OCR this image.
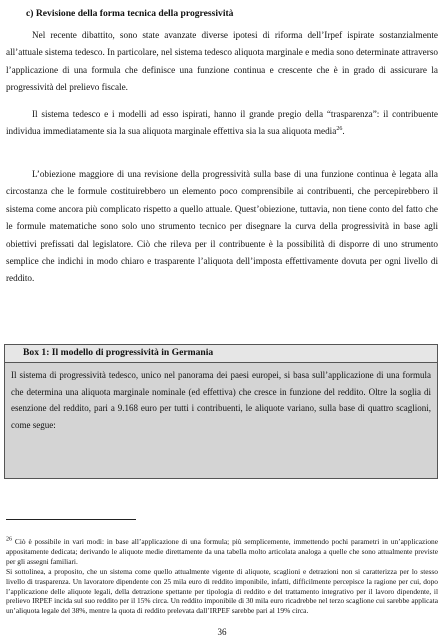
c) Revisione della forma tecnica della progressività

Nel recente dibattito, sono state avanzate diverse ipotesi di riforma dell’Irpef ispirate sostanzialmente all’attuale sistema tedesco. In particolare, nel sistema tedesco aliquota marginale e media sono determinate attraverso l’applicazione di una formula che definisce una funzione continua e crescente che è in grado di assicurare la progressività del prelievo fiscale.

Il sistema tedesco e i modelli ad esso ispirati, hanno il grande pregio della “trasparenza”: il contribuente individua immediatamente sia la sua aliquota marginale effettiva sia la sua aliquota media$^{26}$.

L’obiezione maggiore di una revisione della progressività sulla base di una funzione continua è legata alla circostanza che le formule costituirebbero un elemento poco comprensibile ai contribuenti, che percepirebbero il sistema come ancora più complicato rispetto a quello attuale. Quest’obiezione, tuttavia, non tiene conto del fatto che le formule matematiche sono solo uno strumento tecnico per disegnare la curva della progressività in base agli obiettivi prefissati dal legislatore. Ciò che rileva per il contribuente è la possibilità di disporre di uno strumento semplice che indichi in modo chiaro e trasparente l’aliquota dell’imposta effettivamente dovuta per ogni livello di reddito.

Box 1: Il modello di progressività in Germania

Il sistema di progressività tedesco, unico nel panorama dei paesi europei, si basa sull’applicazione di una formula che determina una aliquota marginale nominale (ed effettiva) che cresce in funzione del reddito. Oltre la soglia di esenzione del reddito, pari a 9.168 euro per tutti i contribuenti, le aliquote variano, sulla base di quattro scaglioni, come segue:

$^{26}$ Ciò è possibile in vari modi: in base all’applicazione di una formula; più semplicemente, immettendo pochi parametri in un’applicazione appositamente dedicata; derivando le aliquote medie direttamente da una tabella molto articolata analoga a quelle che sono attualmente previste per gli assegni familiari.

Si sottolinea, a proposito, che un sistema come quello attualmente vigente di aliquote, scaglioni e detrazioni non si caratterizza per lo stesso livello di trasparenza. Un lavoratore dipendente con 25 mila euro di reddito imponibile, infatti, difficilmente percepisce la ragione per cui, dopo l’applicazione delle aliquote legali, della detrazione spettante per tipologia di reddito e del trattamento integrativo per il lavoro dipendente, il prelievo IRPEF incida sul suo reddito per il 15% circa. Un reddito imponibile di 30 mila euro ricadrebbe nel terzo scaglione cui sarebbe applicata un’aliquota legale del 38%, mentre la quota di reddito prelevata dall’IRPEF sarebbe pari al 19% circa.

36
